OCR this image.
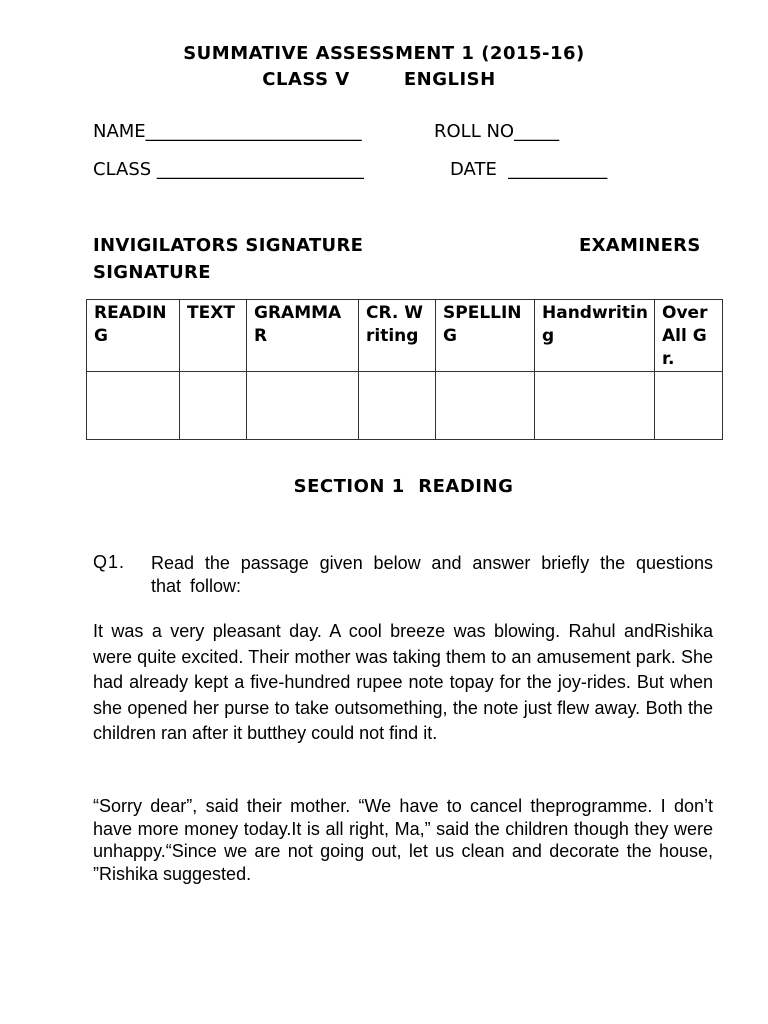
SUMMATIVE ASSESSMENT 1 (2015-16)
CLASS V        ENGLISH
NAME________________________	ROLL NO_____
CLASS _______________________	DATE  ___________
INVIGILATORS SIGNATURE	EXAMINERS
SIGNATURE
READING	TEXT	GRAMMAR	CR. Writing	SPELLING	Handwriting	Over All Gr.

SECTION 1  READING
Q1. Read the passage given below and answer briefly the questions that follow:
It was a very pleasant day. A cool breeze was blowing. Rahul andRishika were quite excited. Their mother was taking them to an amusement park. She had already kept a five-hundred rupee note topay for the joy-rides. But when she opened her purse to take outsomething, the note just flew away. Both the children ran after it butthey could not find it.
“Sorry dear”, said their mother. “We have to cancel theprogramme. I don’t have more money today.It is all right, Ma,” said the children though they were unhappy.“Since we are not going out, let us clean and decorate the house, ”Rishika suggested.
